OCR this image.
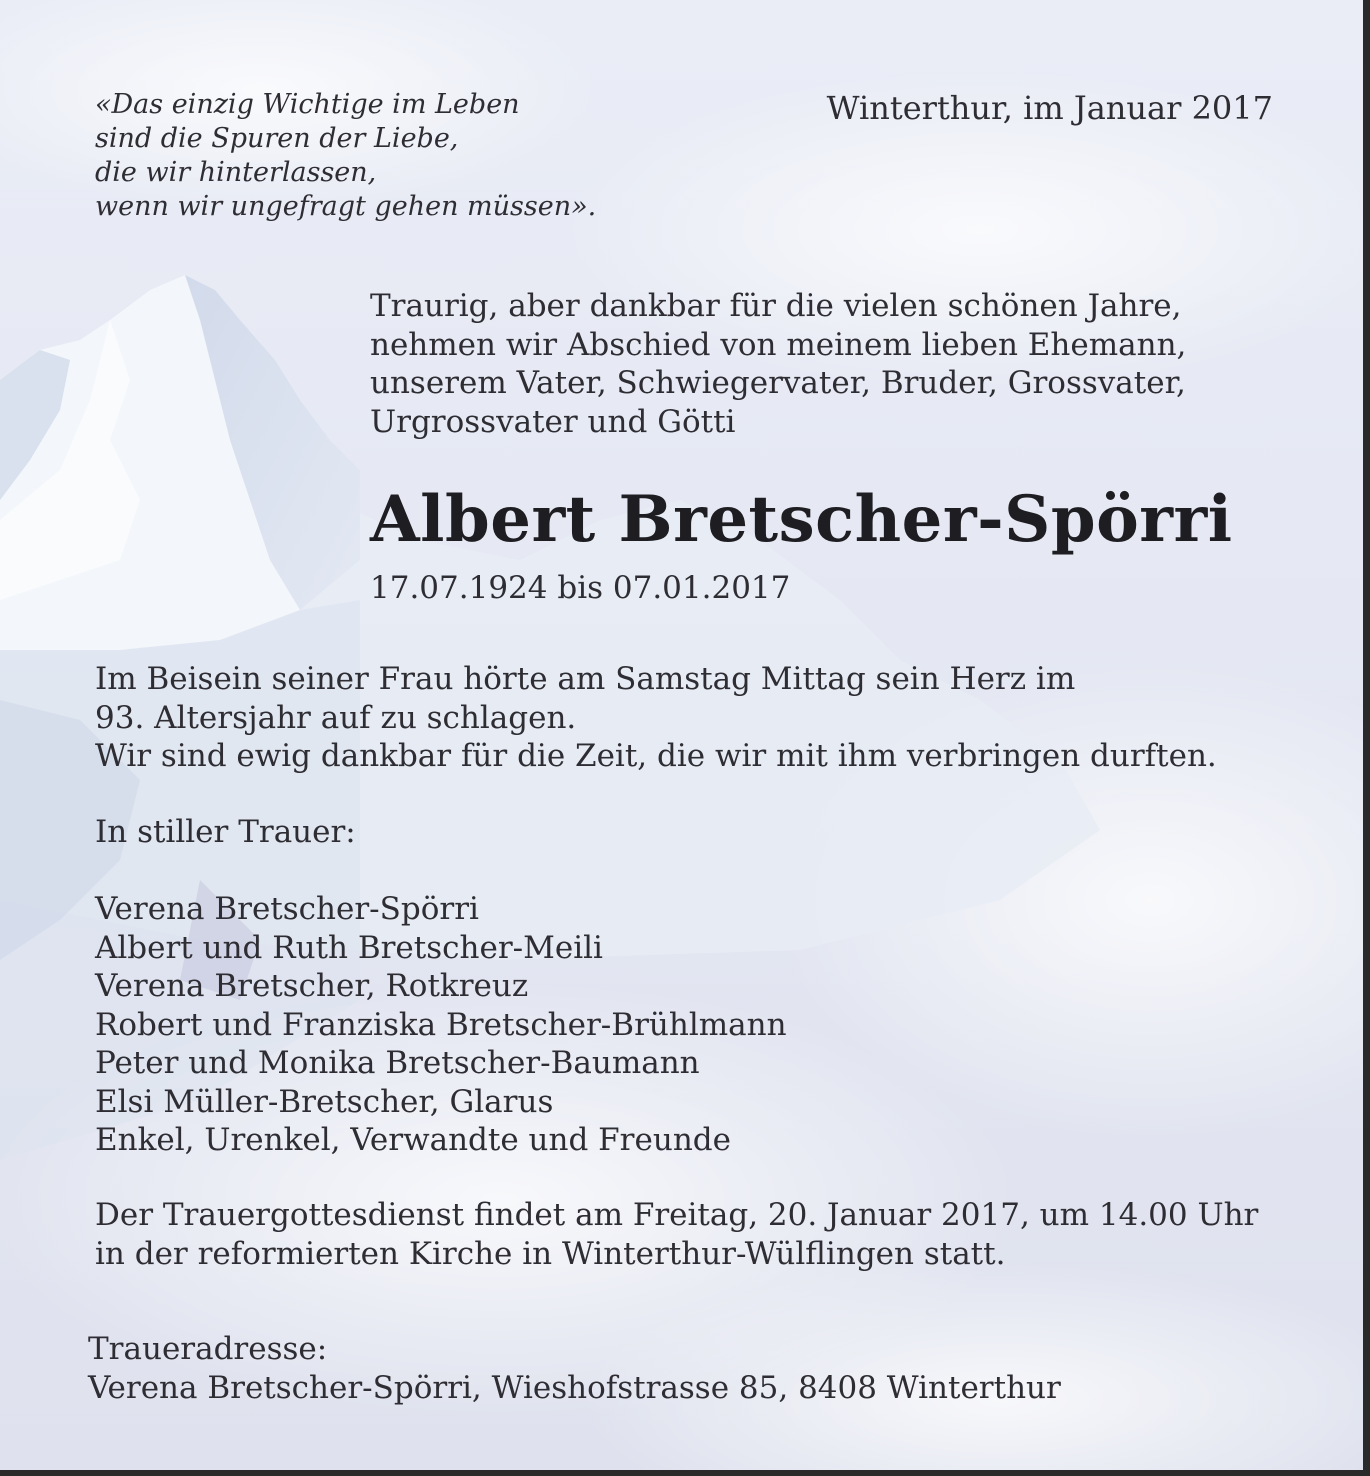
«Das einzig Wichtige im Leben
sind die Spuren der Liebe,
die wir hinterlassen,
wenn wir ungefragt gehen müssen».
Winterthur, im Januar 2017
Traurig, aber dankbar für die vielen schönen Jahre,
nehmen wir Abschied von meinem lieben Ehemann,
unserem Vater, Schwiegervater, Bruder, Grossvater,
Urgrossvater und Götti
Albert Bretscher-Spörri
17.07.1924 bis 07.01.2017
Im Beisein seiner Frau hörte am Samstag Mittag sein Herz im
93. Altersjahr auf zu schlagen.
Wir sind ewig dankbar für die Zeit, die wir mit ihm verbringen durften.
In stiller Trauer:
Verena Bretscher-Spörri
Albert und Ruth Bretscher-Meili
Verena Bretscher, Rotkreuz
Robert und Franziska Bretscher-Brühlmann
Peter und Monika Bretscher-Baumann
Elsi Müller-Bretscher, Glarus
Enkel, Urenkel, Verwandte und Freunde
Der Trauergottesdienst findet am Freitag, 20. Januar 2017, um 14.00 Uhr
in der reformierten Kirche in Winterthur-Wülflingen statt.
Traueradresse:
Verena Bretscher-Spörri, Wieshofstrasse 85, 8408 Winterthur
